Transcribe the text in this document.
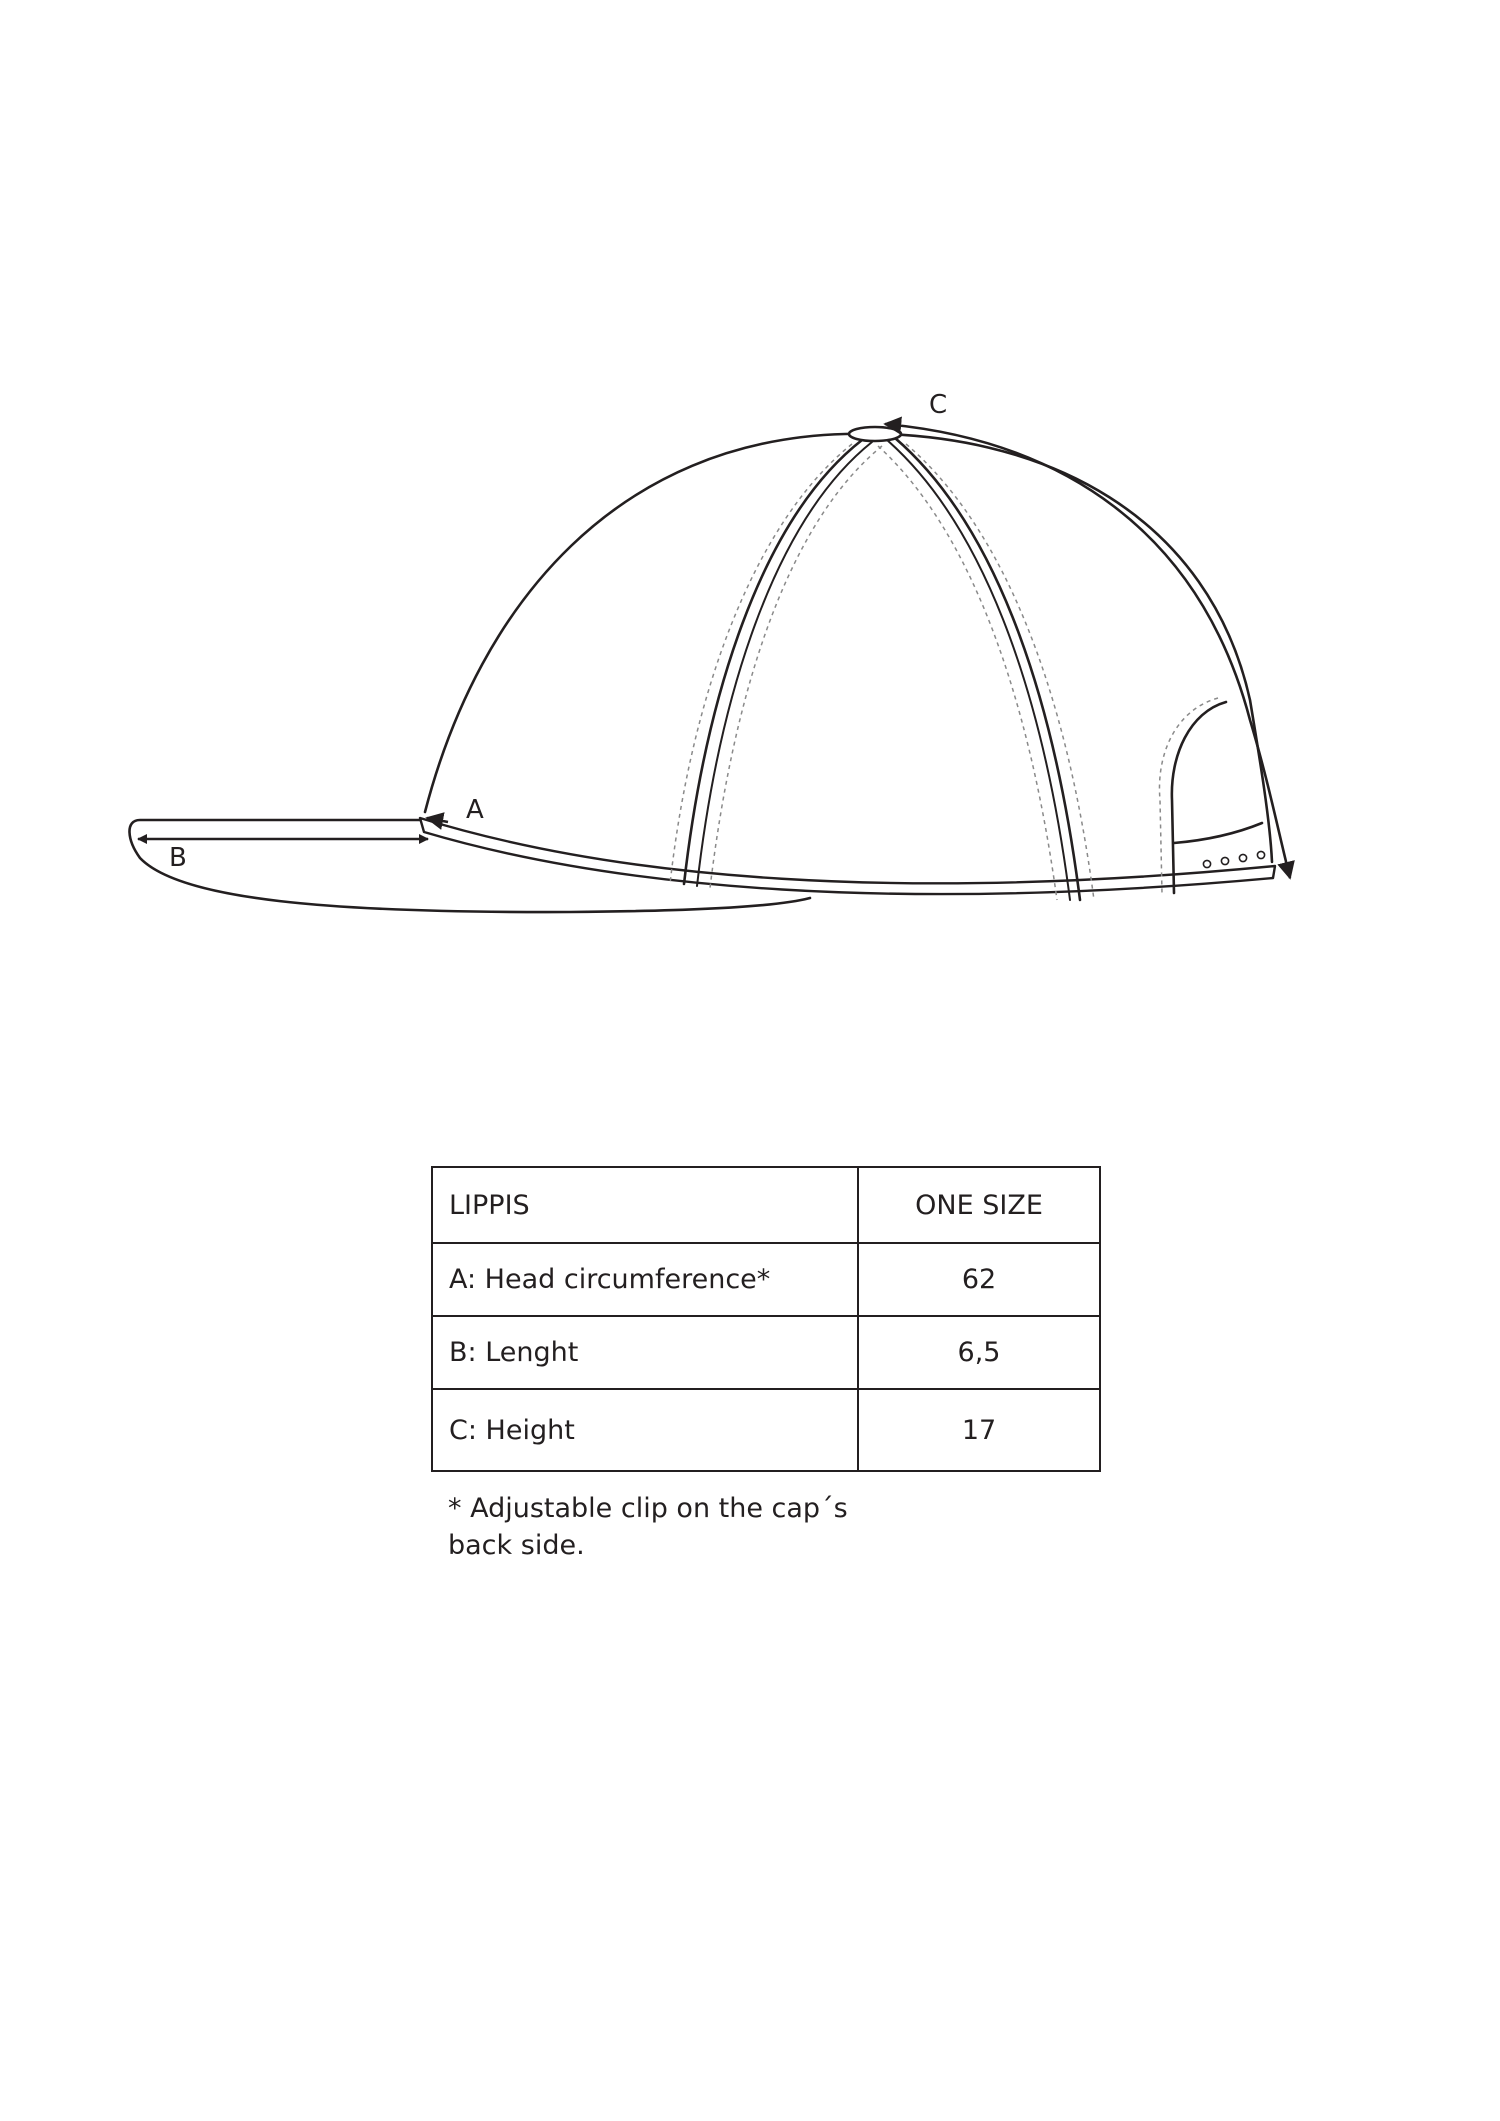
A
B
C
LIPPIS	ONE SIZE
A: Head circumference*	62
B: Lenght	6,5
C: Height	17
* Adjustable clip on the cap´s back side.
